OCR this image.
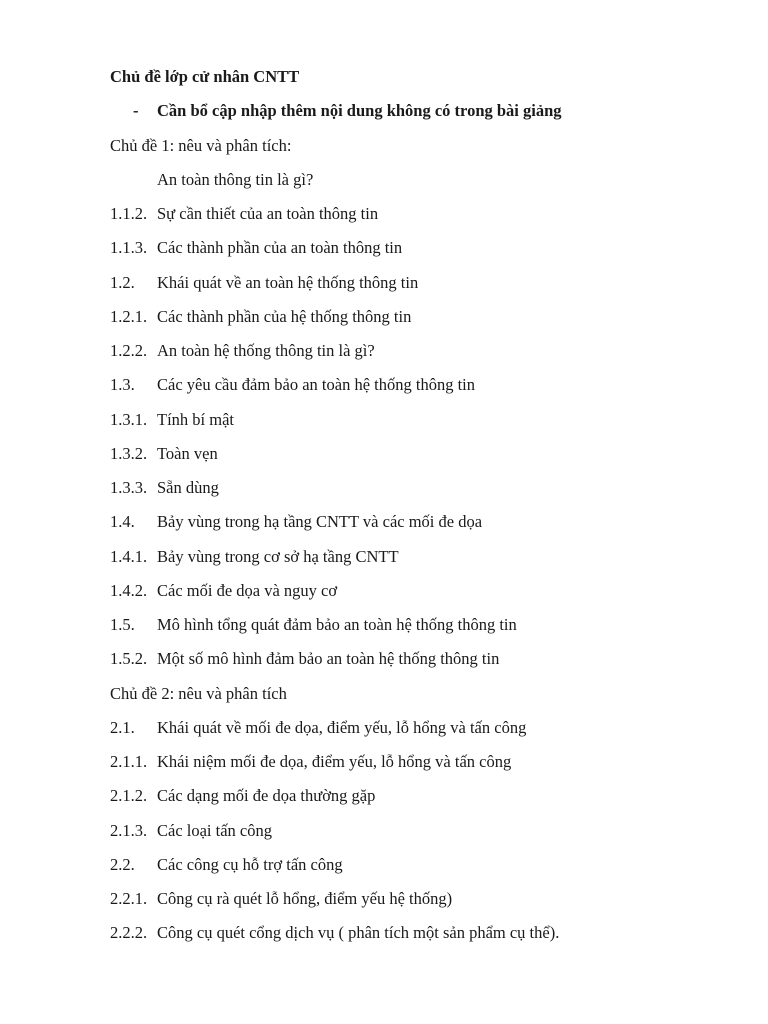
Chủ đề lớp cử nhân CNTT
- Cần bổ cập nhập thêm nội dung không có trong bài giảng
Chủ đề 1: nêu và phân tích:
An toàn thông tin là gì?
1.1.2. Sự cần thiết của an toàn thông tin
1.1.3. Các thành phần của an toàn thông tin
1.2. Khái quát về an toàn hệ thống thông tin
1.2.1. Các thành phần của hệ thống thông tin
1.2.2. An toàn hệ thống thông tin là gì?
1.3. Các yêu cầu đảm bảo an toàn hệ thống thông tin
1.3.1. Tính bí mật
1.3.2. Toàn vẹn
1.3.3. Sẵn dùng
1.4. Bảy vùng trong hạ tầng CNTT và các mối đe dọa
1.4.1. Bảy vùng trong cơ sở hạ tầng CNTT
1.4.2. Các mối đe dọa và nguy cơ
1.5. Mô hình tổng quát đảm bảo an toàn hệ thống thông tin
1.5.2. Một số mô hình đảm bảo an toàn hệ thống thông tin
Chủ đề 2: nêu và phân tích
2.1. Khái quát về mối đe dọa, điểm yếu, lỗ hổng và tấn công
2.1.1. Khái niệm mối đe dọa, điểm yếu, lỗ hổng và tấn công
2.1.2. Các dạng mối đe dọa thường gặp
2.1.3. Các loại tấn công
2.2. Các công cụ hỗ trợ tấn công
2.2.1. Công cụ rà quét lỗ hổng, điểm yếu hệ thống)
2.2.2. Công cụ quét cổng dịch vụ ( phân tích một sản phẩm cụ thể).
